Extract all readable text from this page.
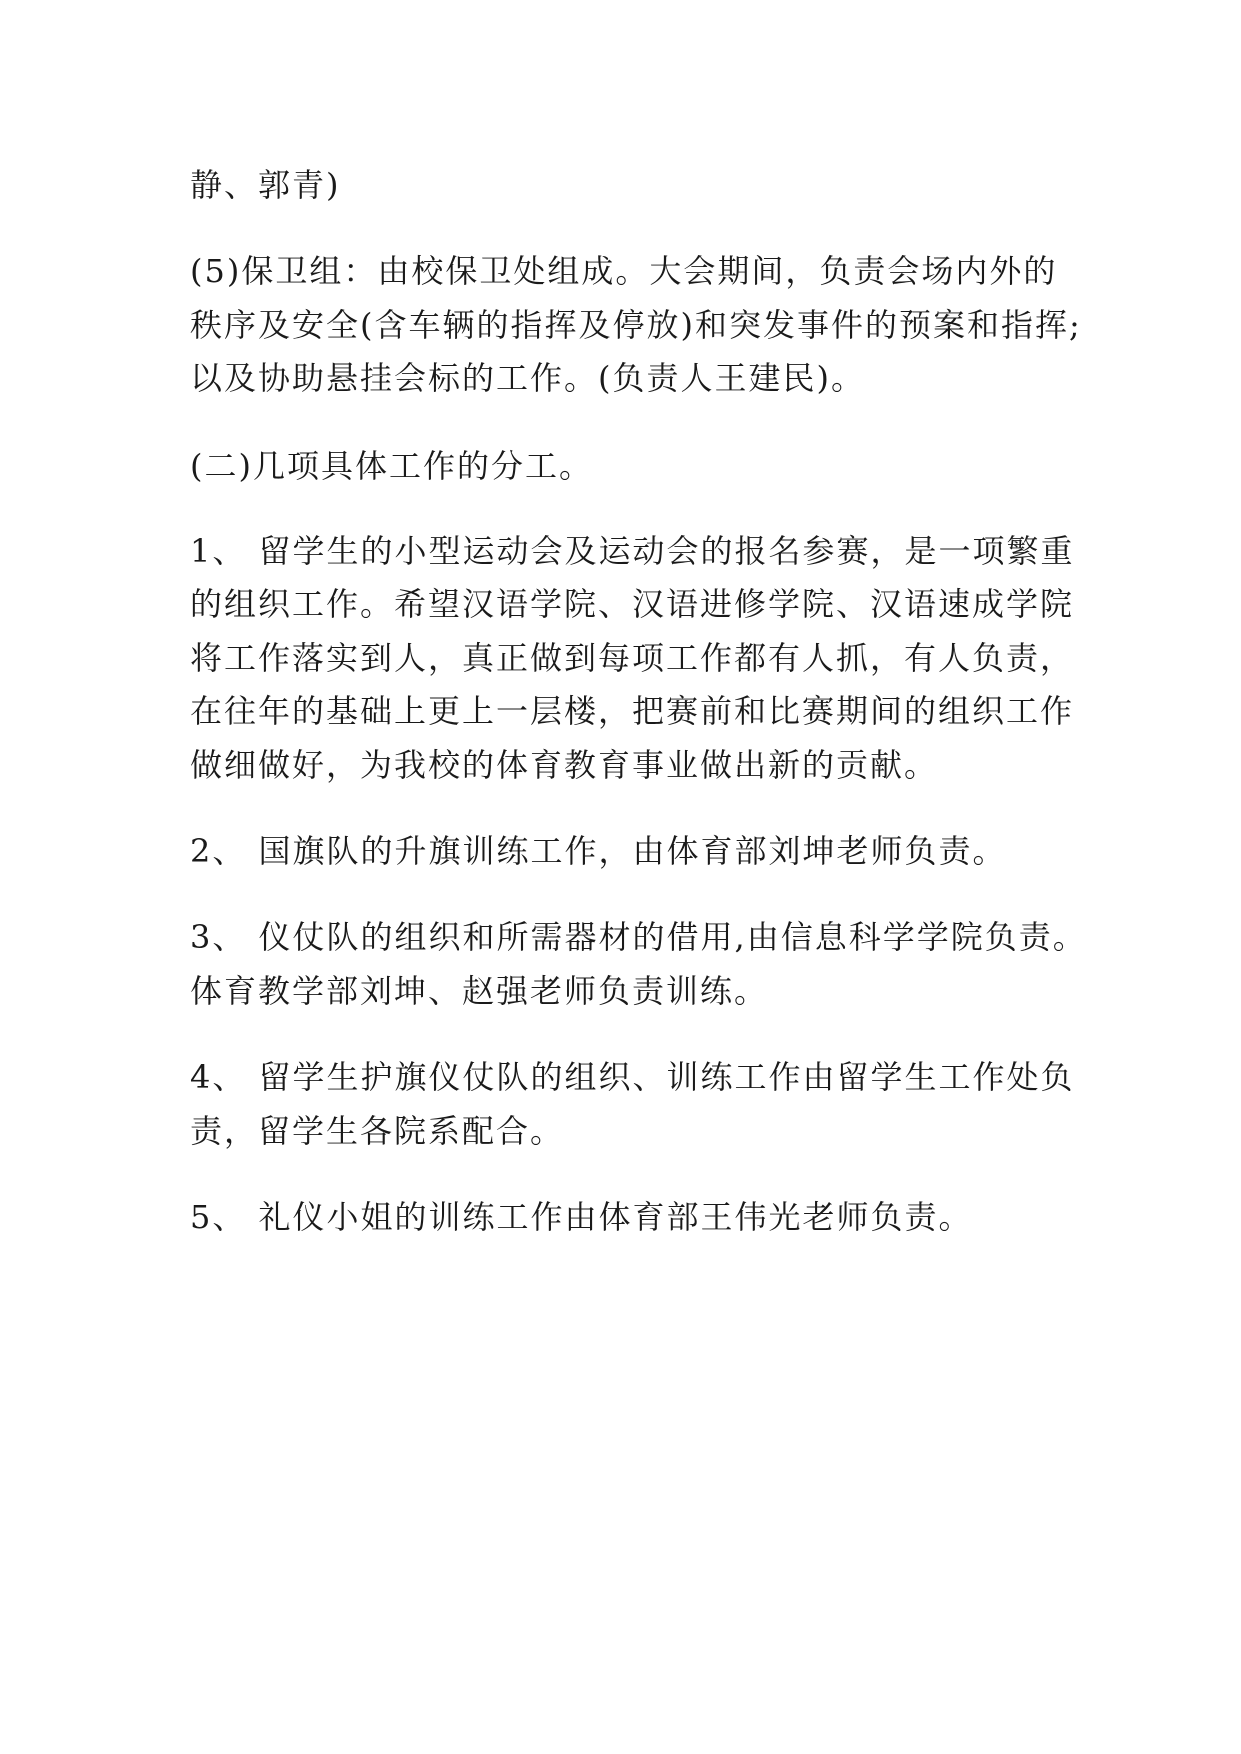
静、郭青)
(5)保卫组：由校保卫处组成。大会期间，负责会场内外的
秩序及安全(含车辆的指挥及停放)和突发事件的预案和指挥;
以及协助悬挂会标的工作。(负责人王建民)。
(二)几项具体工作的分工。
1、 留学生的小型运动会及运动会的报名参赛，是一项繁重
的组织工作。希望汉语学院、汉语进修学院、汉语速成学院
将工作落实到人，真正做到每项工作都有人抓，有人负责，
在往年的基础上更上一层楼，把赛前和比赛期间的组织工作
做细做好，为我校的体育教育事业做出新的贡献。
2、 国旗队的升旗训练工作，由体育部刘坤老师负责。
3、 仪仗队的组织和所需器材的借用,由信息科学学院负责。
体育教学部刘坤、赵强老师负责训练。
4、 留学生护旗仪仗队的组织、训练工作由留学生工作处负
责，留学生各院系配合。
5、 礼仪小姐的训练工作由体育部王伟光老师负责。
